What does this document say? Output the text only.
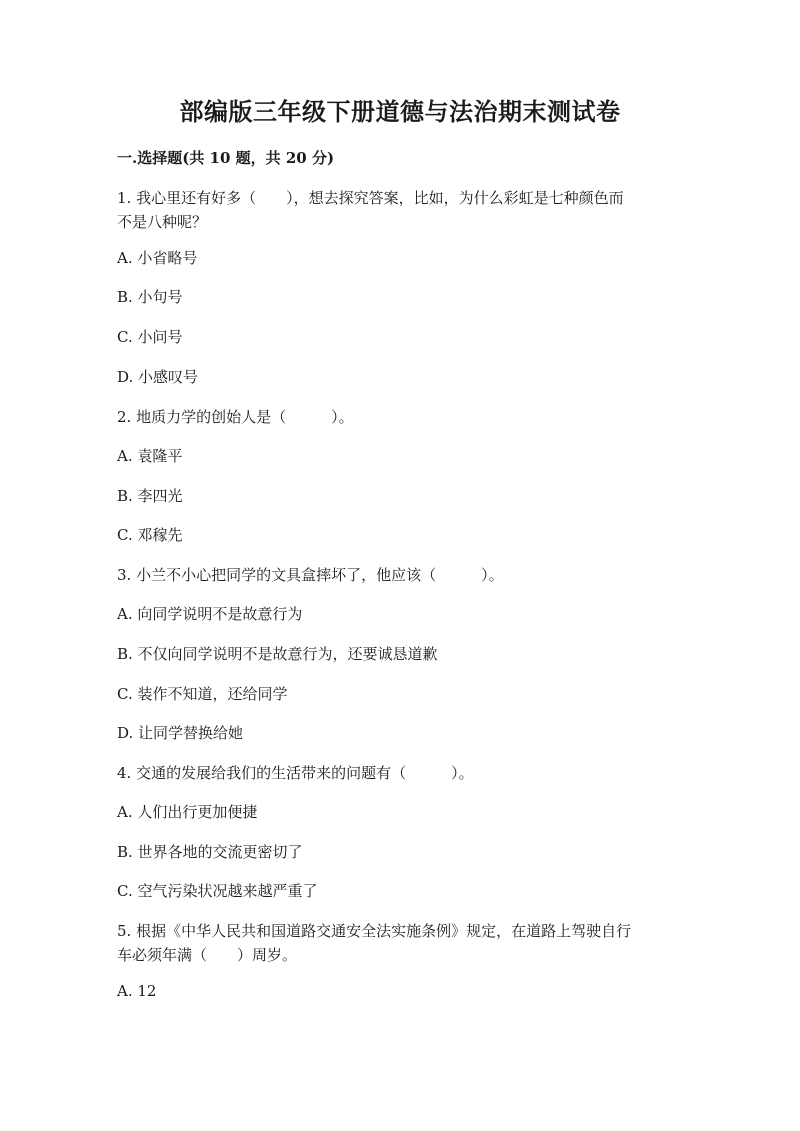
部编版三年级下册道德与法治期末测试卷
一.选择题(共 10 题，共 20 分)
1. 我心里还有好多（　　），想去探究答案，比如，为什么彩虹是七种颜色而
不是八种呢？
A. 小省略号
B. 小句号
C. 小问号
D. 小感叹号
2. 地质力学的创始人是（　　　）。
A. 袁隆平
B. 李四光
C. 邓稼先
3. 小兰不小心把同学的文具盒摔坏了，他应该（　　　）。
A. 向同学说明不是故意行为
B. 不仅向同学说明不是故意行为，还要诚恳道歉
C. 装作不知道，还给同学
D. 让同学替换给她
4. 交通的发展给我们的生活带来的问题有（　　　）。
A. 人们出行更加便捷
B. 世界各地的交流更密切了
C. 空气污染状况越来越严重了
5. 根据《中华人民共和国道路交通安全法实施条例》规定，在道路上驾驶自行
车必须年满（　　）周岁。
A. 12
